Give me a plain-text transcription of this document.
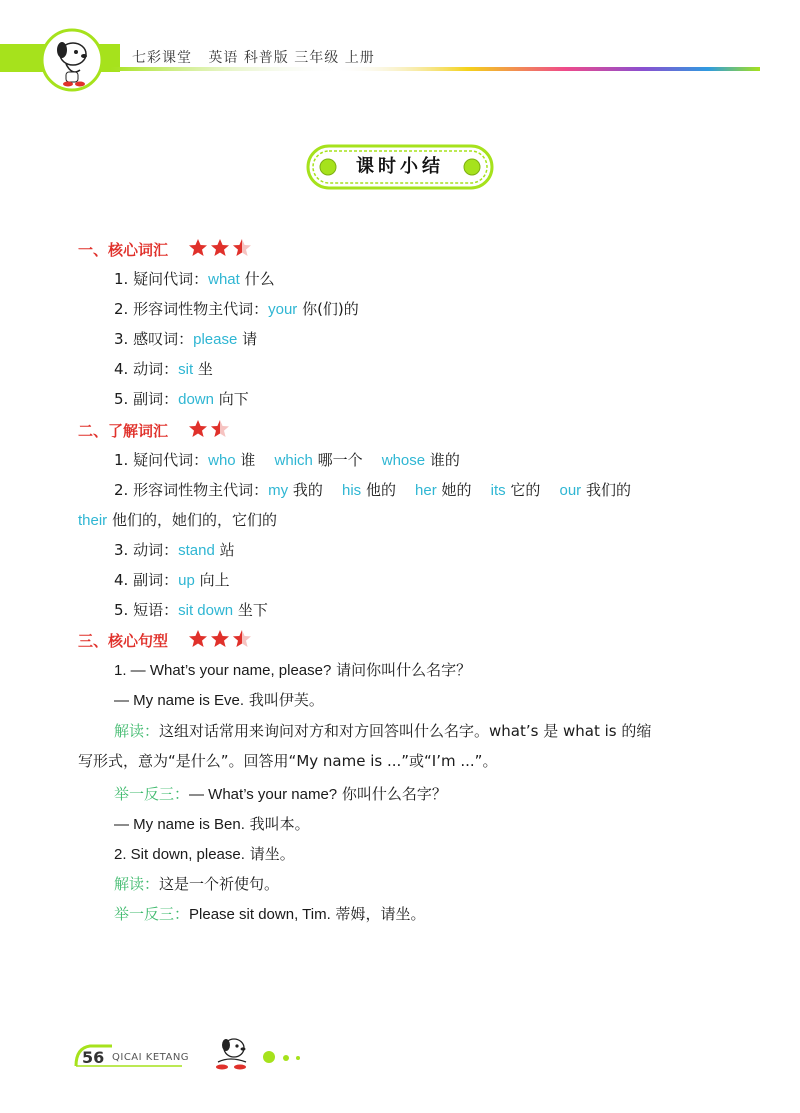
七彩课堂 英语 科普版 三年级 上册
课时小结
一、核心词汇
1. 疑问代词：what 什么
2. 形容词性物主代词：your 你(们)的
3. 感叹词：please 请
4. 动词：sit 坐
5. 副词：down 向下
二、了解词汇
1. 疑问代词：who 谁 which 哪一个 whose 谁的
2. 形容词性物主代词：my 我的 his 他的 her 她的 its 它的 our 我们的
their 他们的，她们的，它们的
3. 动词：stand 站
4. 副词：up 向上
5. 短语：sit down 坐下
三、核心句型
1. — What’s your name, please? 请问你叫什么名字？
— My name is Eve. 我叫伊芙。
解读：这组对话常用来询问对方和对方回答叫什么名字。what’s 是 what is 的缩
写形式，意为“是什么”。回答用“My name is ...”或“I’m ...”。
举一反三：— What’s your name? 你叫什么名字？
— My name is Ben. 我叫本。
2. Sit down, please. 请坐。
解读：这是一个祈使句。
举一反三：Please sit down, Tim. 蒂姆，请坐。
56 QICAI KETANG
